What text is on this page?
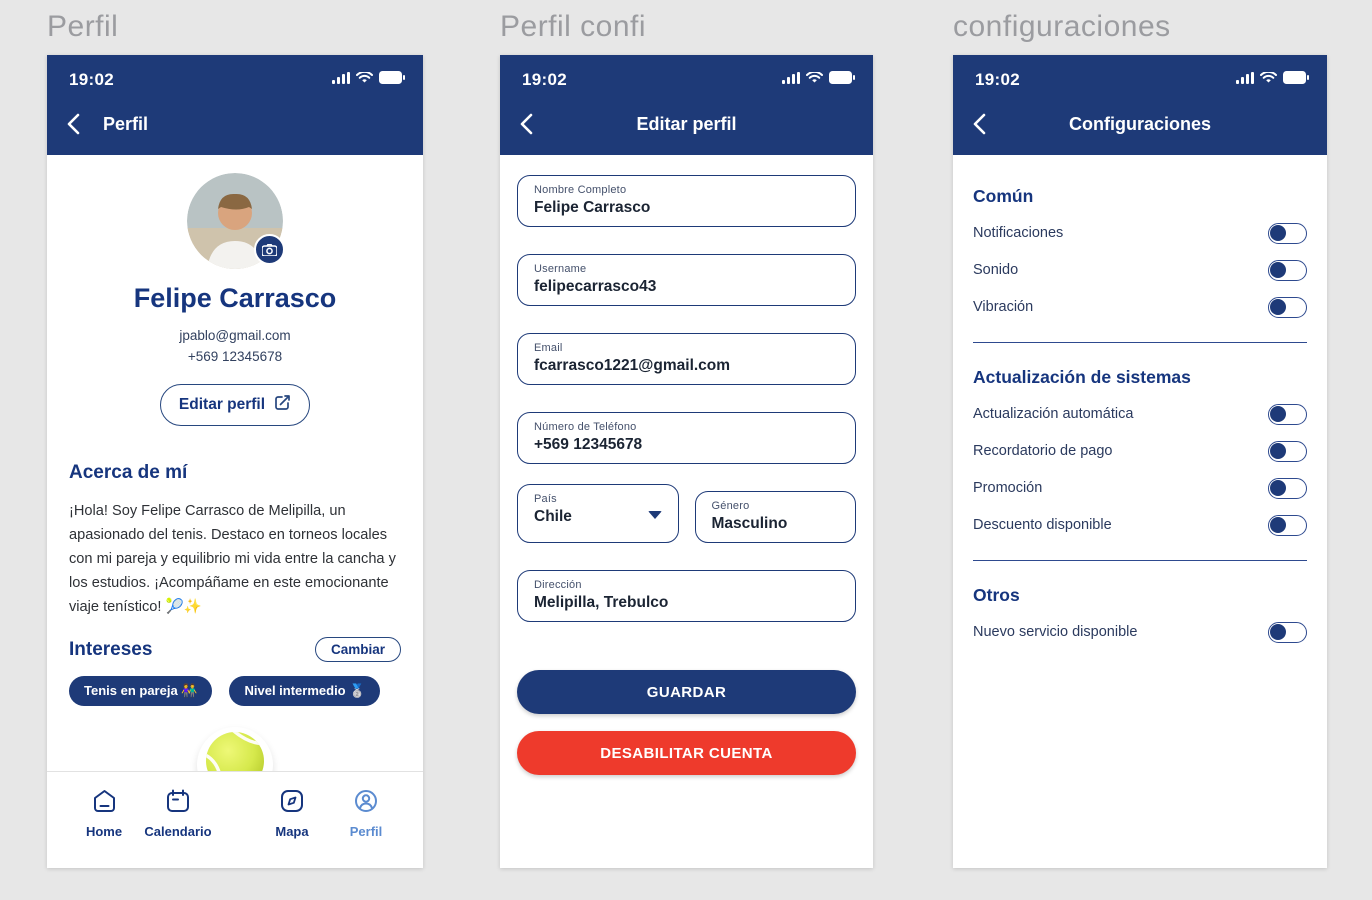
Perfil	Perfil confi	configuraciones
19:02
Perfil
Felipe Carrasco
jpablo@gmail.com
+569 12345678
Editar perfil
Acerca de mí
¡Hola! Soy Felipe Carrasco de Melipilla, un apasionado del tenis. Destaco en torneos locales con mi pareja y equilibrio mi vida entre la cancha y los estudios. ¡Acompáñame en este emocionante viaje tenístico! 🎾✨
Intereses	Cambiar
Tenis en pareja 👫	Nivel intermedio 🥈
Home Calendario	Mapa	Perfil
19:02
Editar perfil
Nombre Completo
Felipe Carrasco
Username
felipecarrasco43
Email
fcarrasco1221@gmail.com
Número de Teléfono
+569 12345678
País
Chile
Género
Masculino
Dirección
Melipilla, Trebulco
GUARDAR
DESABILITAR CUENTA
19:02
Configuraciones
Común
Notificaciones
Sonido
Vibración
Actualización de sistemas
Actualización automática
Recordatorio de pago
Promoción
Descuento disponible
Otros
Nuevo servicio disponible
